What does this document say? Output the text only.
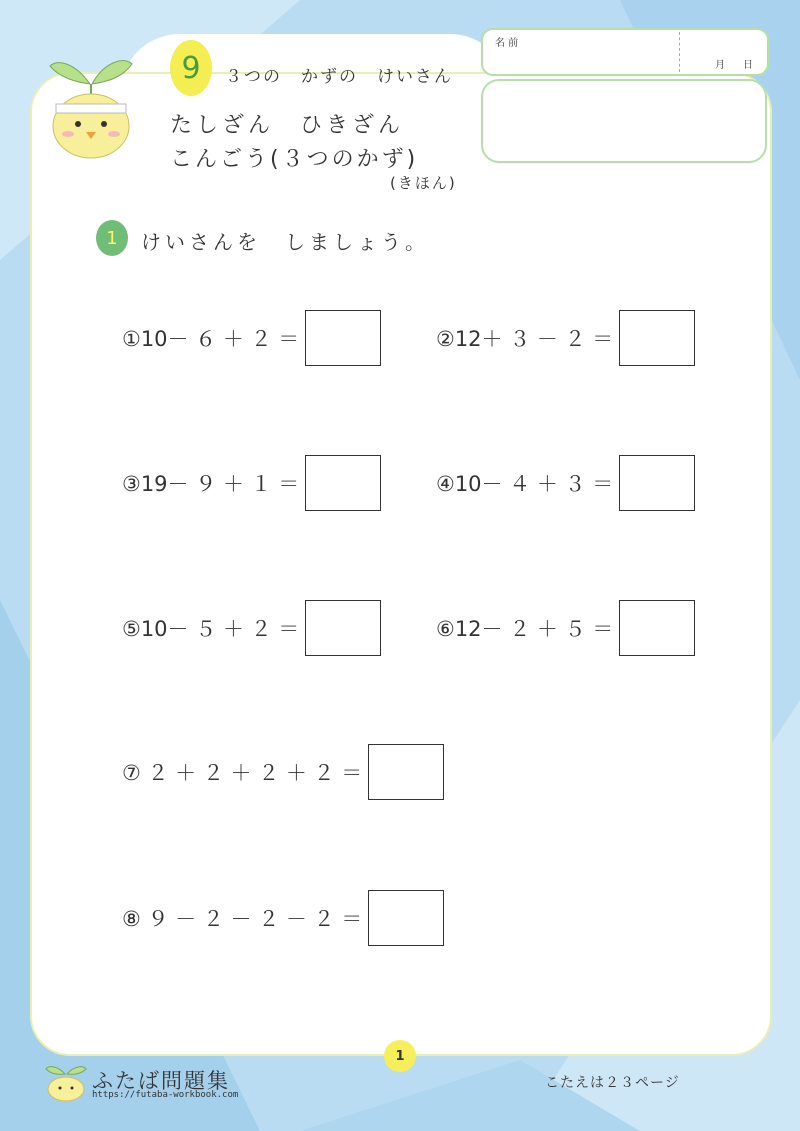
9	３つの　かずの　けいさん
たしざん　ひきざん
こんごう(３つのかず)
(きほん)
名 前
月 日
1	けいさんを　しましょう。
①10－ ６ ＋ ２ ＝	②12＋ ３ － ２ ＝
③19－ ９ ＋ １ ＝	④10－ ４ ＋ ３ ＝
⑤10－ ５ ＋ ２ ＝	⑥12－ ２ ＋ ５ ＝
⑦ ２ ＋ ２ ＋ ２ ＋ ２ ＝
⑧ ９ － ２ － ２ － ２ ＝
1
ふたば問題集
https://futaba-workbook.com
こたえは２３ページ
